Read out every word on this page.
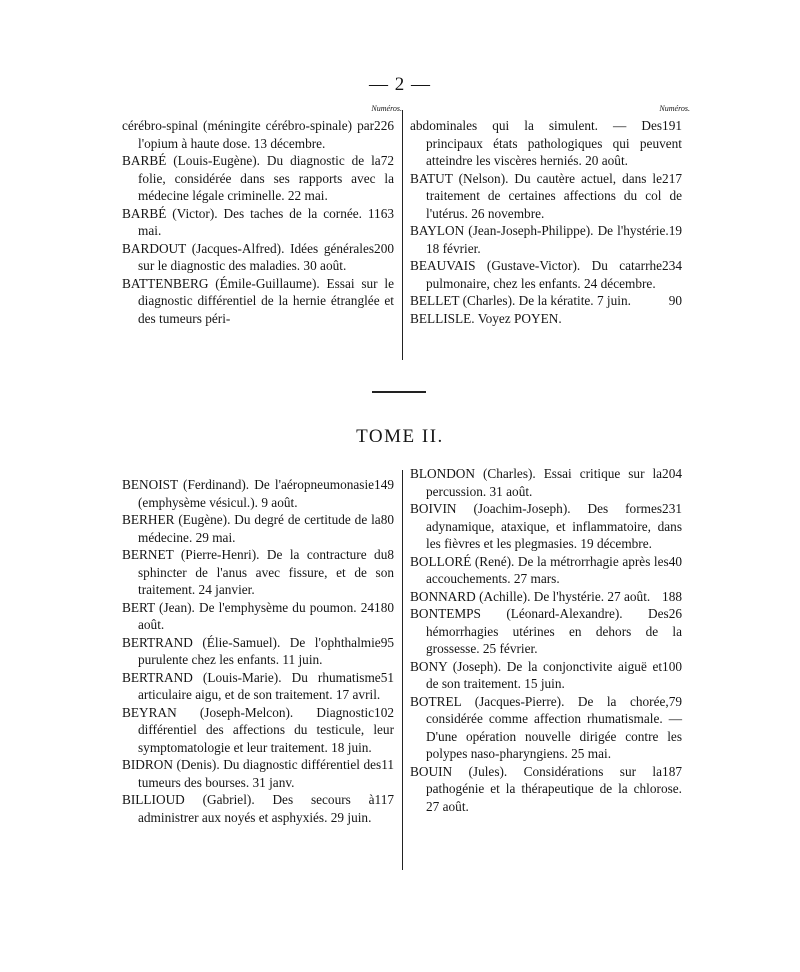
— 2 —
Numéros.
226
cérébro-spinal (méningite cérébro-spinale) par l'opium à haute dose. 13 décembre.
72
BARBÉ (Louis-Eugène). Du diagnostic de la folie, considérée dans ses rapports avec la médecine légale criminelle. 22 mai.
63
BARBÉ (Victor). Des taches de la cornée. 11 mai.
200
BARDOUT (Jacques-Alfred). Idées générales sur le diagnostic des maladies. 30 août.
BATTENBERG (Émile-Guillaume). Essai sur le diagnostic différentiel de la hernie étranglée et des tumeurs péri-
Numéros.
191
abdominales qui la simulent. — Des principaux états pathologiques qui peuvent atteindre les viscères herniés. 20 août.
217
BATUT (Nelson). Du cautère actuel, dans le traitement de certaines affections du col de l'utérus. 26 novembre.
19
BAYLON (Jean-Joseph-Philippe). De l'hystérie. 18 février.
234
BEAUVAIS (Gustave-Victor). Du catarrhe pulmonaire, chez les enfants. 24 décembre.
90
BELLET (Charles). De la kératite. 7 juin.
BELLISLE. Voyez POYEN.
TOME II.
149
BENOIST (Ferdinand). De l'aéropneumonasie (emphysème vésicul.). 9 août.
80
BERHER (Eugène). Du degré de certitude de la médecine. 29 mai.
8
BERNET (Pierre-Henri). De la contracture du sphincter de l'anus avec fissure, et de son traitement. 24 janvier.
180
BERT (Jean). De l'emphysème du poumon. 24 août.
95
BERTRAND (Élie-Samuel). De l'ophthalmie purulente chez les enfants. 11 juin.
51
BERTRAND (Louis-Marie). Du rhumatisme articulaire aigu, et de son traitement. 17 avril.
102
BEYRAN (Joseph-Melcon). Diagnostic différentiel des affections du testicule, leur symptomatologie et leur traitement. 18 juin.
11
BIDRON (Denis). Du diagnostic différentiel des tumeurs des bourses. 31 janv.
117
BILLIOUD (Gabriel). Des secours à administrer aux noyés et asphyxiés. 29 juin.
204
BLONDON (Charles). Essai critique sur la percussion. 31 août.
231
BOIVIN (Joachim-Joseph). Des formes adynamique, ataxique, et inflammatoire, dans les fièvres et les plegmasies. 19 décembre.
40
BOLLORÉ (René). De la métrorrhagie après les accouchements. 27 mars.
188
BONNARD (Achille). De l'hystérie. 27 août.
26
BONTEMPS (Léonard-Alexandre). Des hémorrhagies utérines en dehors de la grossesse. 25 février.
100
BONY (Joseph). De la conjonctivite aiguë et de son traitement. 15 juin.
79
BOTREL (Jacques-Pierre). De la chorée, considérée comme affection rhumatismale. — D'une opération nouvelle dirigée contre les polypes naso-pharyngiens. 25 mai.
187
BOUIN (Jules). Considérations sur la pathogénie et la thérapeutique de la chlorose. 27 août.
